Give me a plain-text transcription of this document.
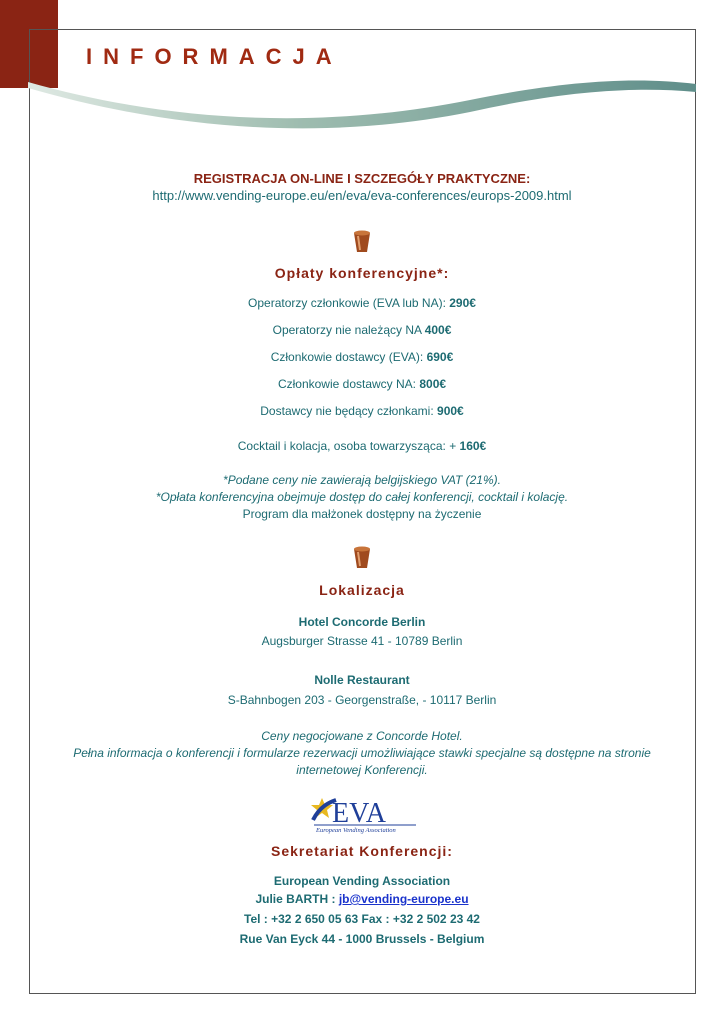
INFORMACJA
REGISTRACJA ON-LINE I SZCZEGÓŁY PRAKTYCZNE:
http://www.vending-europe.eu/en/eva/eva-conferences/europs-2009.html
Opłaty konferencyjne*:
Operatorzy członkowie (EVA lub NA): 290€
Operatorzy nie należący NA 400€
Członkowie dostawcy (EVA): 690€
Członkowie dostawcy NA: 800€
Dostawcy nie będący członkami: 900€
Cocktail i kolacja, osoba towarzysząca: + 160€
*Podane ceny nie zawierają belgijskiego VAT (21%).
*Opłata konferencyjna obejmuje dostęp do całej konferencji, cocktail i kolację.
Program dla małżonek dostępny na życzenie
Lokalizacja
Hotel Concorde Berlin
Augsburger Strasse 41 - 10789 Berlin
Nolle Restaurant
S-Bahnbogen 203 - Georgenstraße, - 10117 Berlin
Ceny negocjowane z Concorde Hotel.
Pełna informacja o konferencji i formularze rezerwacji umożliwiające stawki specjalne są dostępne na stronie internetowej Konferencji.
EVA
European Vending Association
Sekretariat Konferencji:
European Vending Association
Julie BARTH : jb@vending-europe.eu
Tel : +32 2 650 05 63 Fax : +32 2 502 23 42
Rue Van Eyck 44 - 1000 Brussels - Belgium
